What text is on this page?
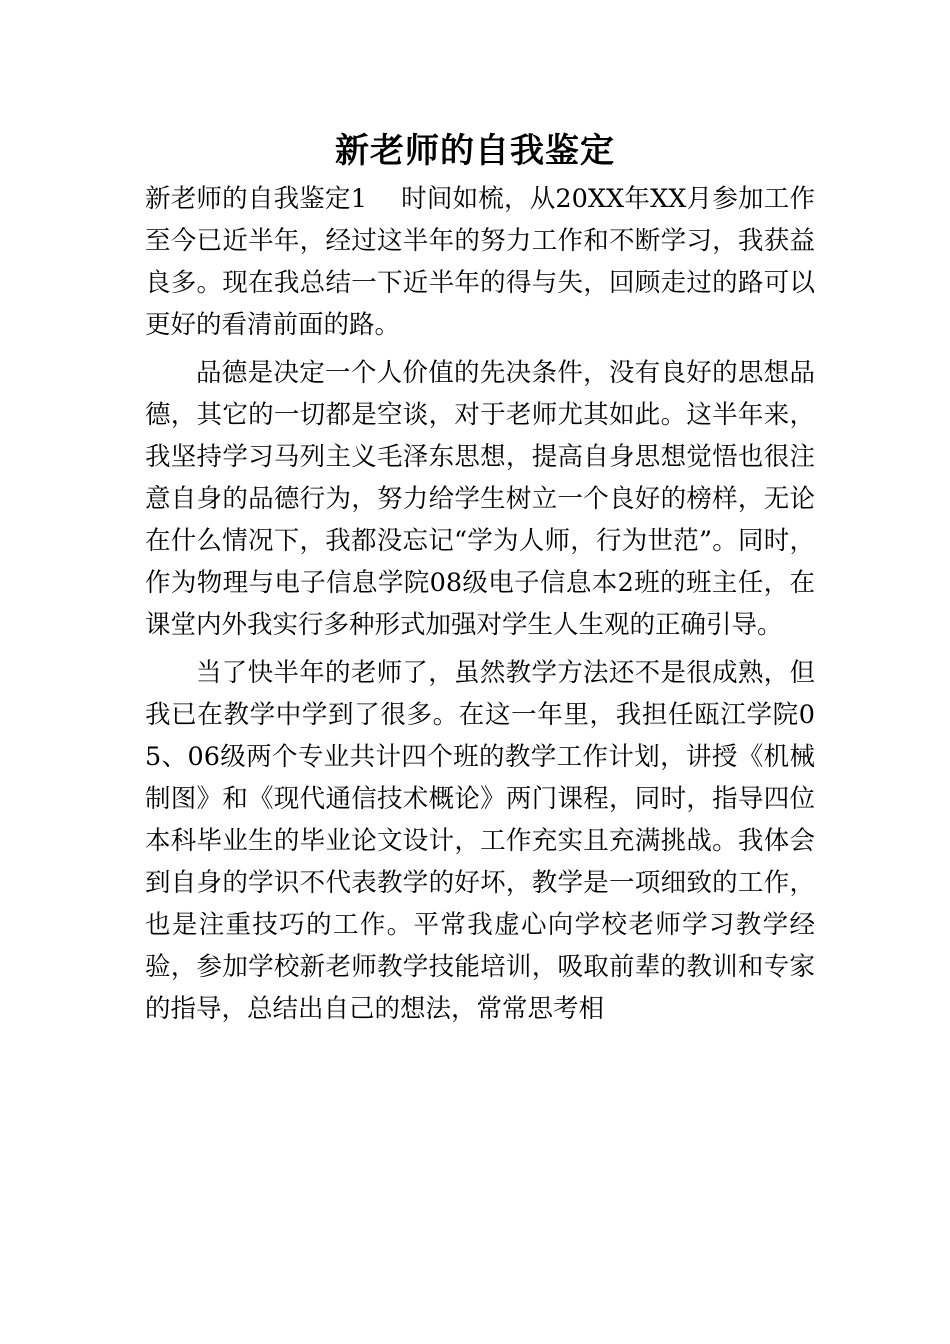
新老师的自我鉴定

新老师的自我鉴定1 时间如梳，从20XX年XX月参加工作至今已近半年，经过这半年的努力工作和不断学习，我获益良多。现在我总结一下近半年的得与失，回顾走过的路可以更好的看清前面的路。

品德是决定一个人价值的先决条件，没有良好的思想品德，其它的一切都是空谈，对于老师尤其如此。这半年来，我坚持学习马列主义毛泽东思想，提高自身思想觉悟也很注意自身的品德行为，努力给学生树立一个良好的榜样，无论在什么情况下，我都没忘记“学为人师，行为世范”。同时，作为物理与电子信息学院08级电子信息本2班的班主任，在课堂内外我实行多种形式加强对学生人生观的正确引导。

当了快半年的老师了，虽然教学方法还不是很成熟，但我已在教学中学到了很多。在这一年里，我担任瓯江学院05、06级两个专业共计四个班的教学工作计划，讲授《机械制图》和《现代通信技术概论》两门课程，同时，指导四位本科毕业生的毕业论文设计，工作充实且充满挑战。我体会到自身的学识不代表教学的好坏，教学是一项细致的工作，也是注重技巧的工作。平常我虚心向学校老师学习教学经验，参加学校新老师教学技能培训，吸取前辈的教训和专家的指导，总结出自己的想法，常常思考相
